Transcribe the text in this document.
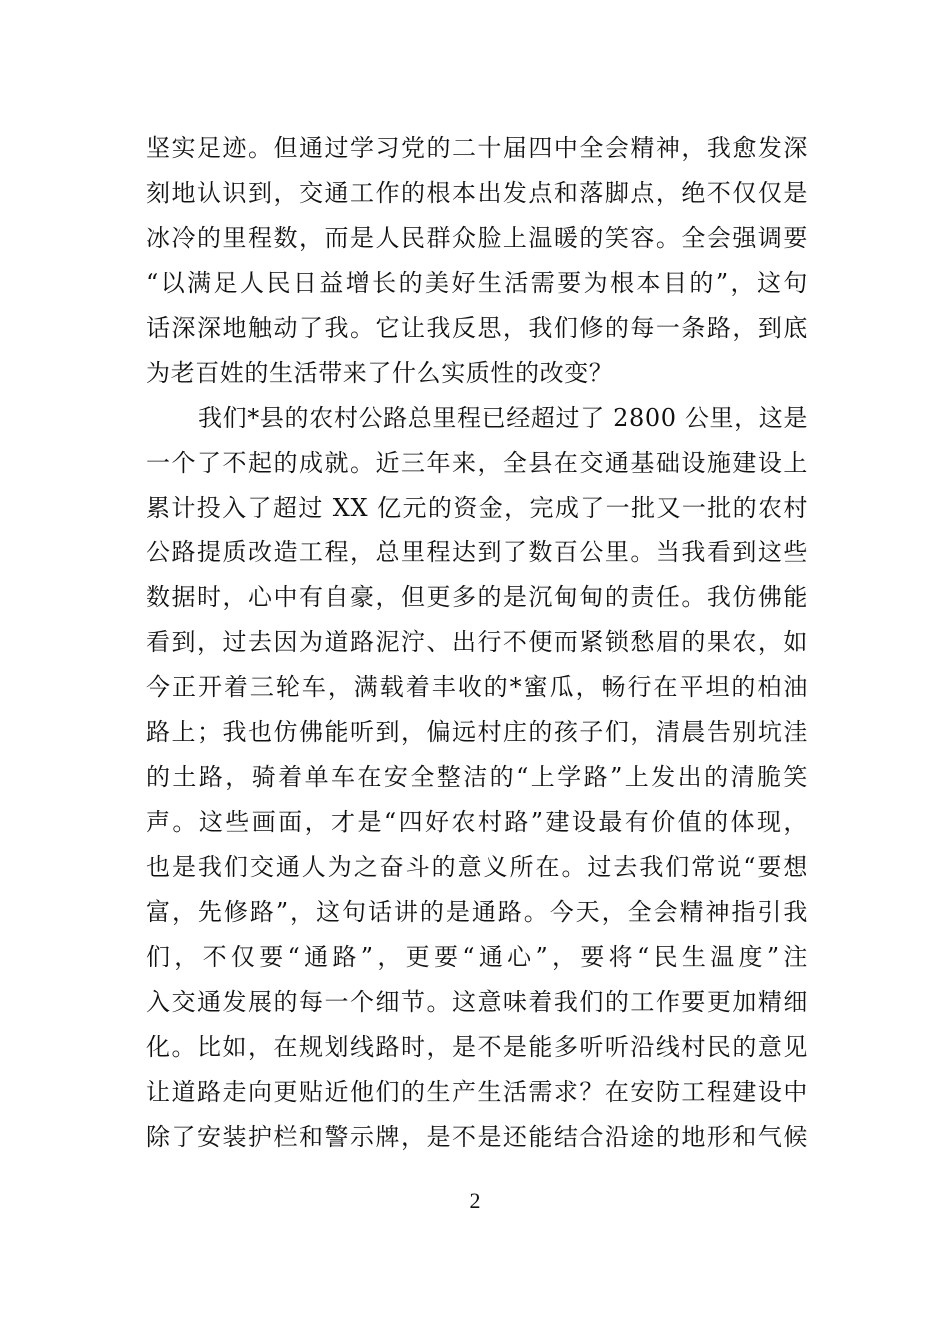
坚实足迹。但通过学习党的二十届四中全会精神，我愈发深
刻地认识到，交通工作的根本出发点和落脚点，绝不仅仅是
冰冷的里程数，而是人民群众脸上温暖的笑容。全会强调要
“以满足人民日益增长的美好生活需要为根本目的”，这句
话深深地触动了我。它让我反思，我们修的每一条路，到底
为老百姓的生活带来了什么实质性的改变？
我们*县的农村公路总里程已经超过了 2800 公里，这是
一个了不起的成就。近三年来，全县在交通基础设施建设上
累计投入了超过 XX 亿元的资金，完成了一批又一批的农村
公路提质改造工程，总里程达到了数百公里。当我看到这些
数据时，心中有自豪，但更多的是沉甸甸的责任。我仿佛能
看到，过去因为道路泥泞、出行不便而紧锁愁眉的果农，如
今正开着三轮车，满载着丰收的*蜜瓜，畅行在平坦的柏油
路上；我也仿佛能听到，偏远村庄的孩子们，清晨告别坑洼
的土路，骑着单车在安全整洁的“上学路”上发出的清脆笑
声。这些画面，才是“四好农村路”建设最有价值的体现，
也是我们交通人为之奋斗的意义所在。过去我们常说“要想
富，先修路”，这句话讲的是通路。今天，全会精神指引我
们，不仅要“通路”，更要“通心”，要将“民生温度”注
入交通发展的每一个细节。这意味着我们的工作要更加精细
化。比如，在规划线路时，是不是能多听听沿线村民的意见
让道路走向更贴近他们的生产生活需求？在安防工程建设中
除了安装护栏和警示牌，是不是还能结合沿途的地形和气候
2
